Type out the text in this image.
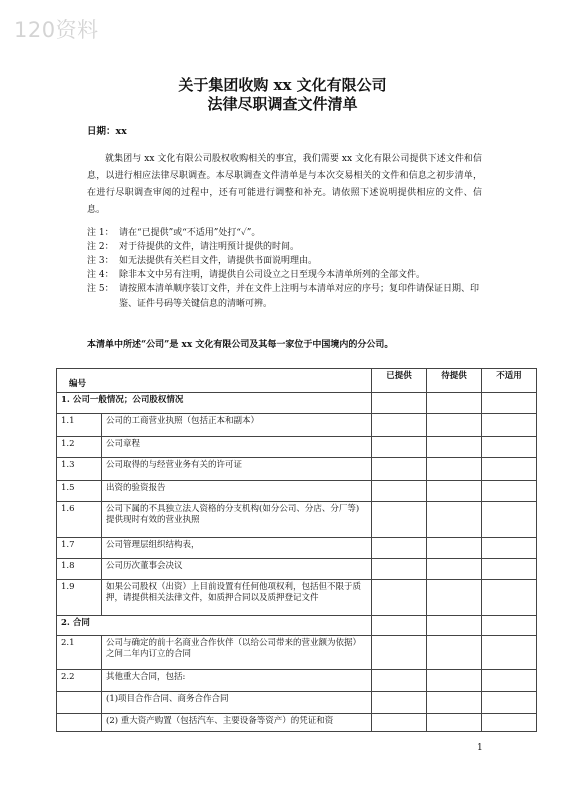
120资料
关于集团收购 xx 文化有限公司
法律尽职调查文件清单
日期：xx

就集团与 xx 文化有限公司股权收购相关的事宜，我们需要 xx 文化有限公司提供下述文件和信息，以进行相应法律尽职调查。本尽职调查文件清单是与本次交易相关的文件和信息之初步清单，在进行尽职调查审阅的过程中，还有可能进行调整和补充。请依照下述说明提供相应的文件、信息。

注 1： 请在“已提供”或“不适用”处打“✓”。
注 2： 对于待提供的文件，请注明预计提供的时间。
注 3： 如无法提供有关栏目文件，请提供书面说明理由。
注 4： 除非本文中另有注明，请提供自公司设立之日至现今本清单所列的全部文件。
注 5： 请按照本清单顺序装订文件，并在文件上注明与本清单对应的序号；复印件请保证日期、印鉴、证件号码等关键信息的清晰可辨。
本清单中所述“公司”是 xx 文化有限公司及其每一家位于中国境内的分公司。
编号		已提供	待提供	不适用
1. 公司一般情况；公司股权情况				
1.1	公司的工商营业执照（包括正本和副本）			
1.2	公司章程			
1.3	公司取得的与经营业务有关的许可证			
1.5	出资的验资报告			
1.6	公司下属的不具独立法人资格的分支机构(如分公司、分店、分厂等)提供现时有效的营业执照			
1.7	公司管理层组织结构表，			
1.8	公司历次董事会决议			
1.9	如果公司股权（出资）上目前设置有任何他项权利，包括但不限于质押，请提供相关法律文件，如质押合同以及质押登记文件			
2. 合同				
2.1	公司与确定的前十名商业合作伙伴（以给公司带来的营业额为依据）之间二年内订立的合同			
2.2	其他重大合同，包括:			
	(1)项目合作合同、商务合作合同			
	(2) 重大资产购置（包括汽车、主要设备等资产）的凭证和资			
1
